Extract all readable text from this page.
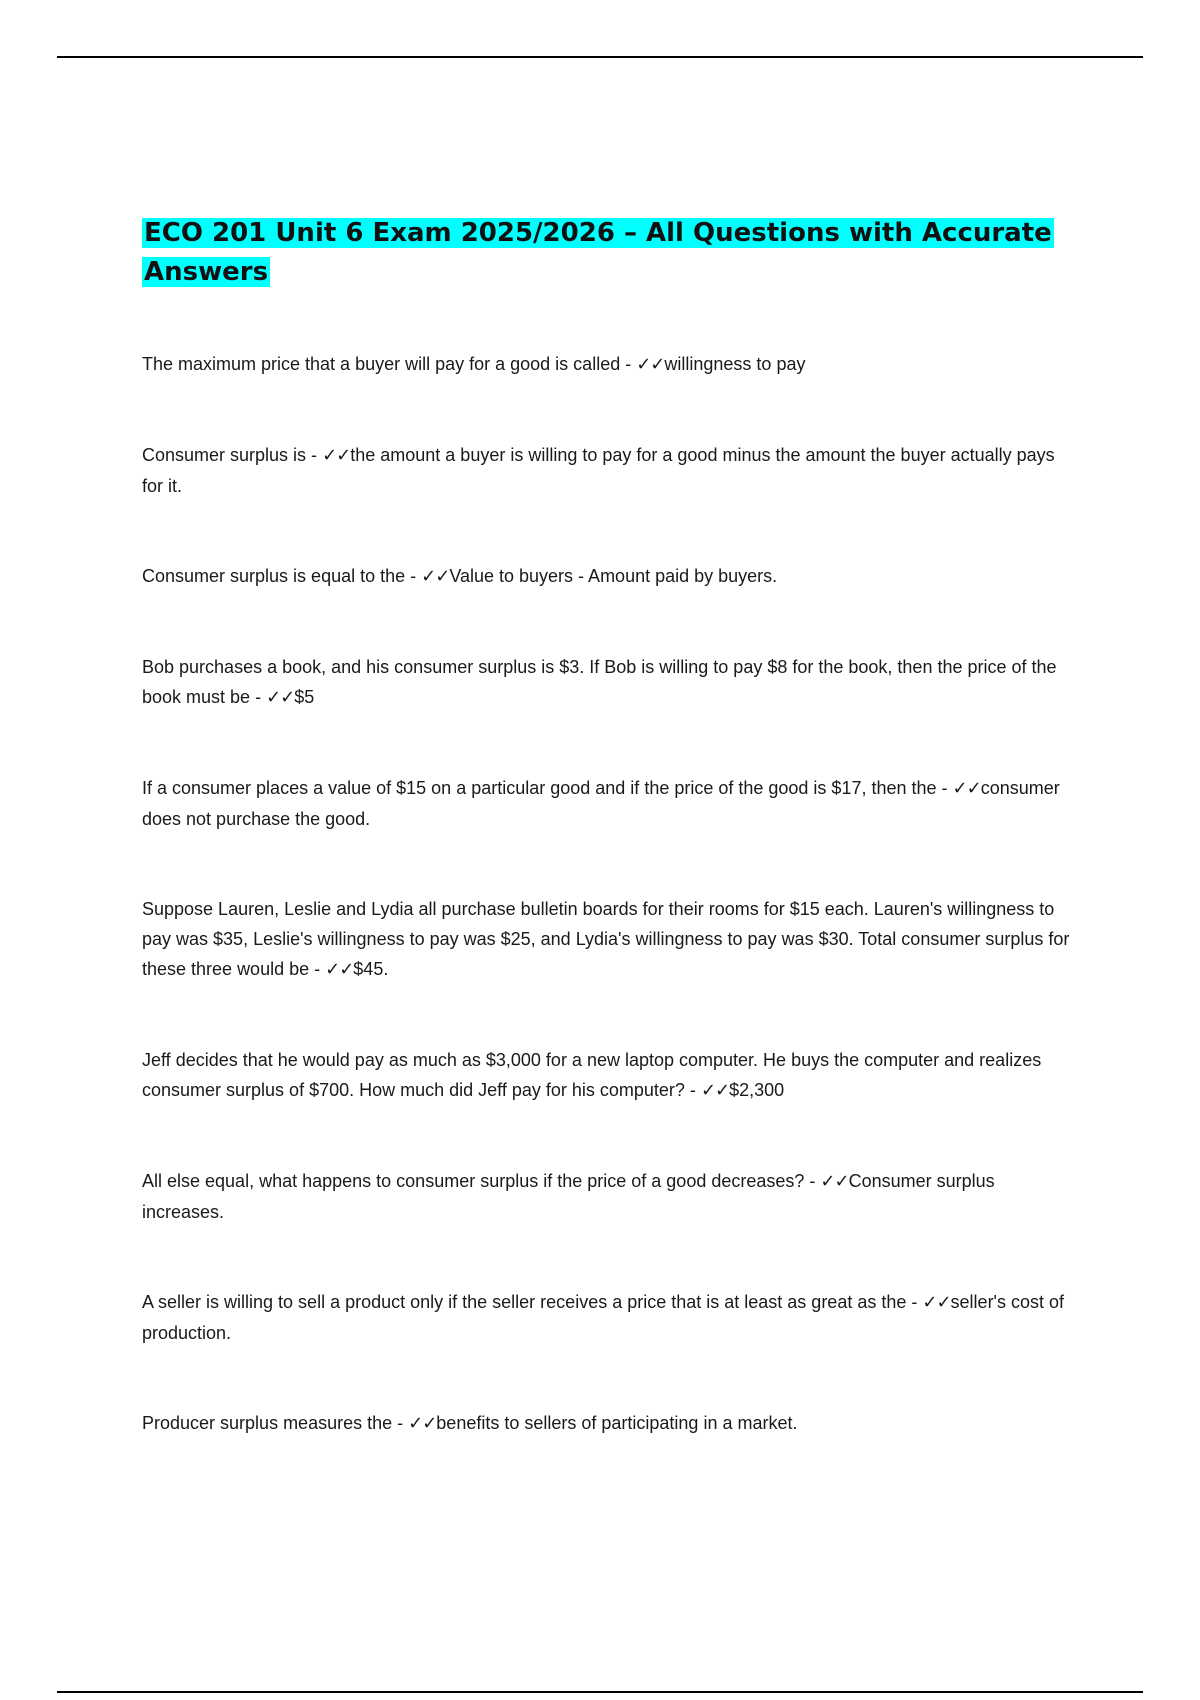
ECO 201 Unit 6 Exam 2025/2026 – All Questions with Accurate Answers

The maximum price that a buyer will pay for a good is called - ✓✓willingness to pay

Consumer surplus is - ✓✓the amount a buyer is willing to pay for a good minus the amount the buyer actually pays for it.

Consumer surplus is equal to the - ✓✓Value to buyers - Amount paid by buyers.

Bob purchases a book, and his consumer surplus is $3. If Bob is willing to pay $8 for the book, then the price of the book must be - ✓✓$5

If a consumer places a value of $15 on a particular good and if the price of the good is $17, then the - ✓✓consumer does not purchase the good.

Suppose Lauren, Leslie and Lydia all purchase bulletin boards for their rooms for $15 each. Lauren's willingness to pay was $35, Leslie's willingness to pay was $25, and Lydia's willingness to pay was $30. Total consumer surplus for these three would be - ✓✓$45.

Jeff decides that he would pay as much as $3,000 for a new laptop computer. He buys the computer and realizes consumer surplus of $700. How much did Jeff pay for his computer? - ✓✓$2,300

All else equal, what happens to consumer surplus if the price of a good decreases? - ✓✓Consumer surplus increases.

A seller is willing to sell a product only if the seller receives a price that is at least as great as the - ✓✓seller's cost of production.

Producer surplus measures the - ✓✓benefits to sellers of participating in a market.
